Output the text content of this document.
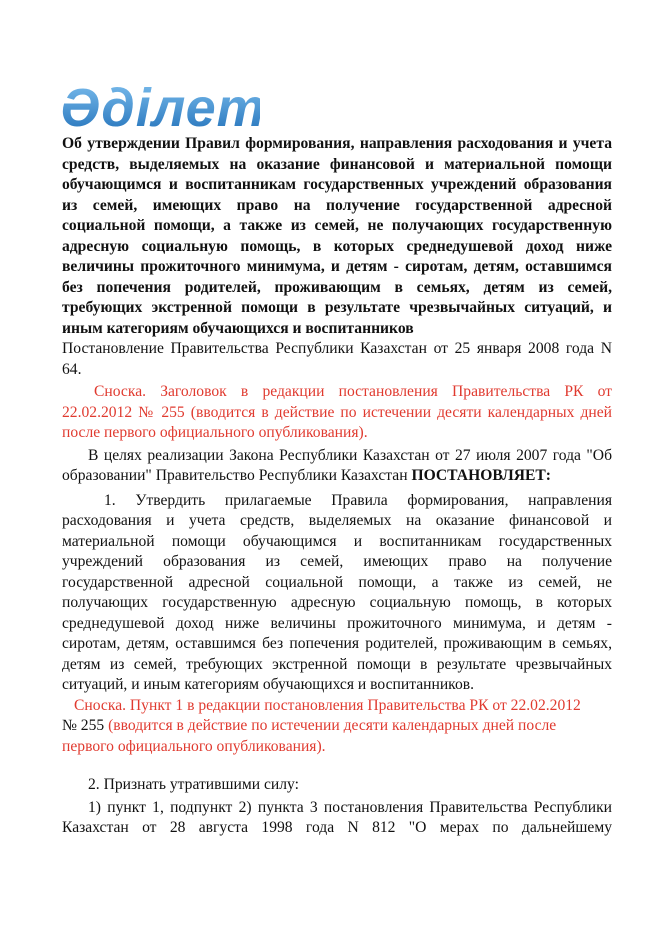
Әділет
Об утверждении Правил формирования, направления расходования и учета
средств, выделяемых на оказание финансовой и материальной помощи
обучающимся и воспитанникам государственных учреждений образования
из семей, имеющих право на получение государственной адресной
социальной помощи, а также из семей, не получающих государственную
адресную социальную помощь, в которых среднедушевой доход ниже
величины прожиточного минимума, и детям - сиротам, детям, оставшимся
без попечения родителей, проживающим в семьях, детям из семей,
требующих экстренной помощи в результате чрезвычайных ситуаций, и
иным категориям обучающихся и воспитанников

Постановление Правительства Республики Казахстан от 25 января 2008 года N
64.

Сноска. Заголовок в редакции постановления Правительства РК от
22.02.2012 № 255 (вводится в действие по истечении десяти календарных дней
после первого официального опубликования).

В целях реализации Закона Республики Казахстан от 27 июля 2007 года "Об
образовании" Правительство Республики Казахстан ПОСТАНОВЛЯЕТ:

1. Утвердить прилагаемые Правила формирования, направления
расходования и учета средств, выделяемых на оказание финансовой и
материальной помощи обучающимся и воспитанникам государственных
учреждений образования из семей, имеющих право на получение
государственной адресной социальной помощи, а также из семей, не
получающих государственную адресную социальную помощь, в которых
среднедушевой доход ниже величины прожиточного минимума, и детям -
сиротам, детям, оставшимся без попечения родителей, проживающим в семьях,
детям из семей, требующих экстренной помощи в результате чрезвычайных
ситуаций, и иным категориям обучающихся и воспитанников.

Сноска. Пункт 1 в редакции постановления Правительства РК от 22.02.2012
№ 255 (вводится в действие по истечении десяти календарных дней после
первого официального опубликования).

2. Признать утратившими силу:

1) пункт 1, подпункт 2) пункта 3 постановления Правительства Республики
Казахстан от 28 августа 1998 года N 812 "О мерах по дальнейшему
